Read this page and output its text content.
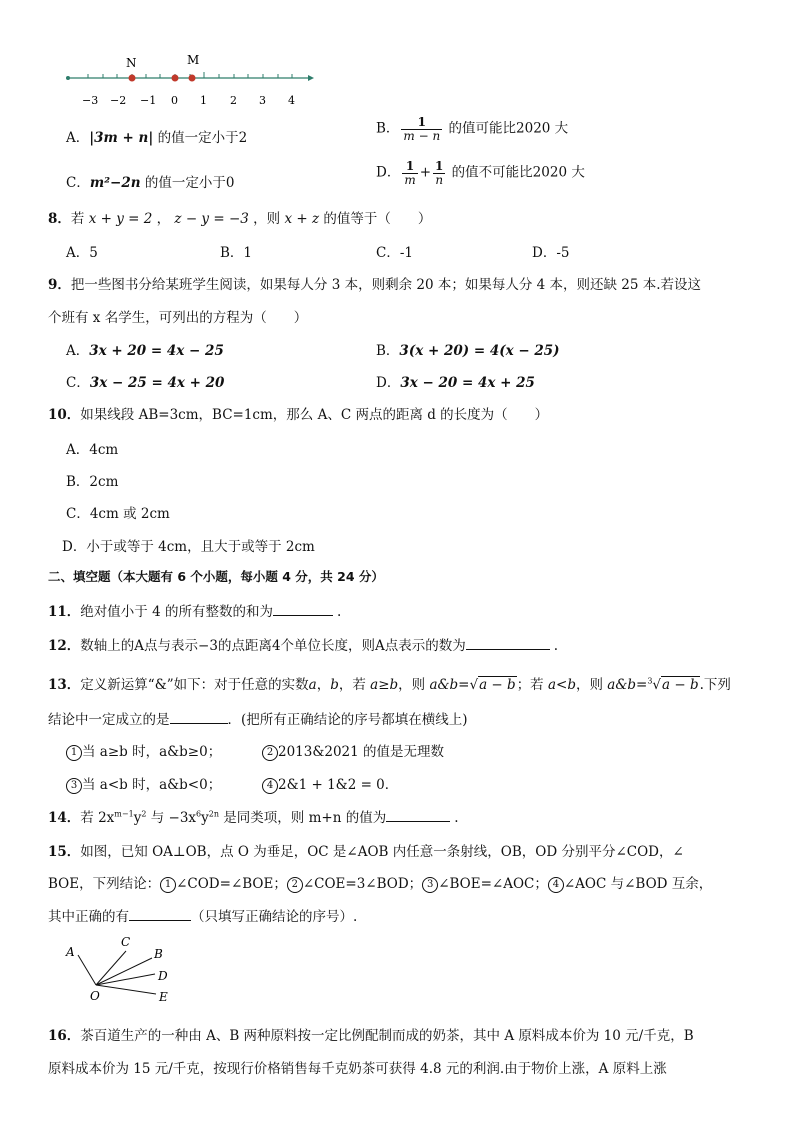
N	M
−3 −2 −1 0 1 2 3 4
A．|3m + n| 的值一定小于2
B． $\frac{1}{m - n}$ 的值可能比2020 大
C．m²−2n 的值一定小于0
D． $\frac{1}{m} + \frac{1}{n}$ 的值不可能比2020 大
8．若 x + y = 2 ， z − y = −3 ，则 x + z 的值等于（　　）
A．5	B．1	C．-1	D．-5
9．把一些图书分给某班学生阅读，如果每人分 3 本，则剩余 20 本；如果每人分 4 本，则还缺 25 本.若设这
个班有 x 名学生，可列出的方程为（　　）
A．3x + 20 = 4x − 25	B．3(x + 20) = 4(x − 25)
C．3x − 25 = 4x + 20	D．3x − 20 = 4x + 25
10．如果线段 AB=3cm，BC=1cm，那么 A、C 两点的距离 d 的长度为（　　）
A．4cm
B．2cm
C．4cm 或 2cm
D．小于或等于 4cm，且大于或等于 2cm
二、填空题（本大题有 6 个小题，每小题 4 分，共 24 分）
11．绝对值小于 4 的所有整数的和为	.
12．数轴上的A点与表示−3的点距离4个单位长度，则A点表示的数为	.
13．定义新运算“&”如下：对于任意的实数a，b，若 a≥b，则 a&b=√a − b；若 a<b，则 a&b=$^3$√a − b.下列
结论中一定成立的是	．(把所有正确结论的序号都填在横线上)
1 当 a≥b 时，a&b≥0；	2 2013&2021 的值是无理数
3 当 a<b 时，a&b<0；	4 2&1 + 1&2 = 0．
14．若 $2x^{m-1}y^2$ 与 $-3x^6y^{2n}$ 是同类项，则 m+n 的值为	.
15．如图，已知 OA⊥OB，点 O 为垂足，OC 是∠AOB 内任意一条射线，OB，OD 分别平分∠COD，∠
BOE，下列结论： 1 ∠COD=∠BOE； 2 ∠COE=3∠BOD； 3 ∠BOE=∠AOC； 4 ∠AOC 与∠BOD 互余，
其中正确的有	（只填写正确结论的序号）.
A
C
B
D
E
O
16．茶百道生产的一种由 A、B 两种原料按一定比例配制而成的奶茶，其中 A 原料成本价为 10 元/千克，B
原料成本价为 15 元/千克，按现行价格销售每千克奶茶可获得 4.8 元的利润.由于物价上涨，A 原料上涨
